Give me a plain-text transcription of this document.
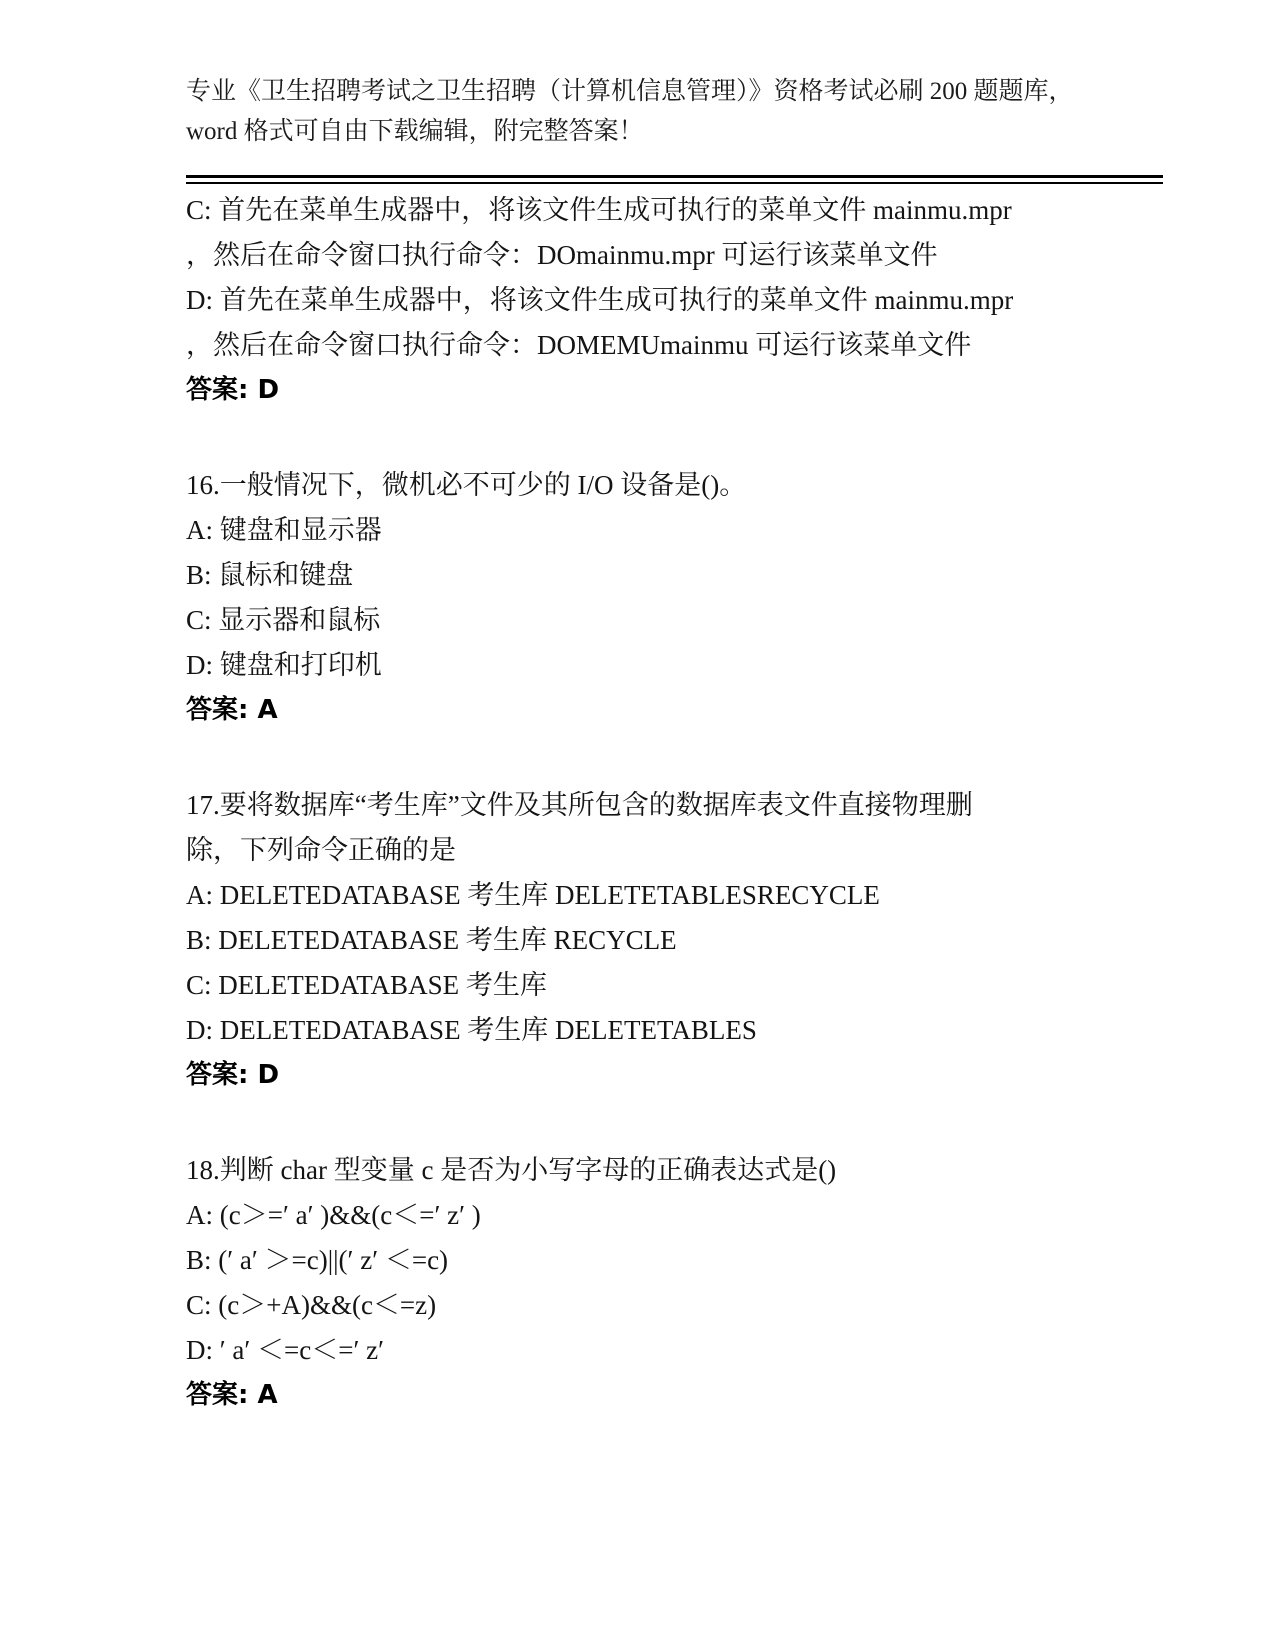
专业《卫生招聘考试之卫生招聘（计算机信息管理）》资格考试必刷 200 题题库，
word 格式可自由下载编辑，附完整答案！
C: 首先在菜单生成器中，将该文件生成可执行的菜单文件 mainmu.mpr
，然后在命令窗口执行命令：DOmainmu.mpr 可运行该菜单文件
D: 首先在菜单生成器中，将该文件生成可执行的菜单文件 mainmu.mpr
，然后在命令窗口执行命令：DOMEMUmainmu 可运行该菜单文件
答案: D
16.一般情况下，微机必不可少的 I/O 设备是()。
A: 键盘和显示器
B: 鼠标和键盘
C: 显示器和鼠标
D: 键盘和打印机
答案: A
17.要将数据库“考生库”文件及其所包含的数据库表文件直接物理删
除，下列命令正确的是
A: DELETEDATABASE 考生库 DELETETABLESRECYCLE
B: DELETEDATABASE 考生库 RECYCLE
C: DELETEDATABASE 考生库
D: DELETEDATABASE 考生库 DELETETABLES
答案: D
18.判断 char 型变量 c 是否为小写字母的正确表达式是()
A: (c＞=′ a′ )&&(c＜=′ z′ )
B: (′ a′ ＞=c)||(′ z′ ＜=c)
C: (c＞+A)&&(c＜=z)
D: ′ a′ ＜=c＜=′ z′
答案: A
